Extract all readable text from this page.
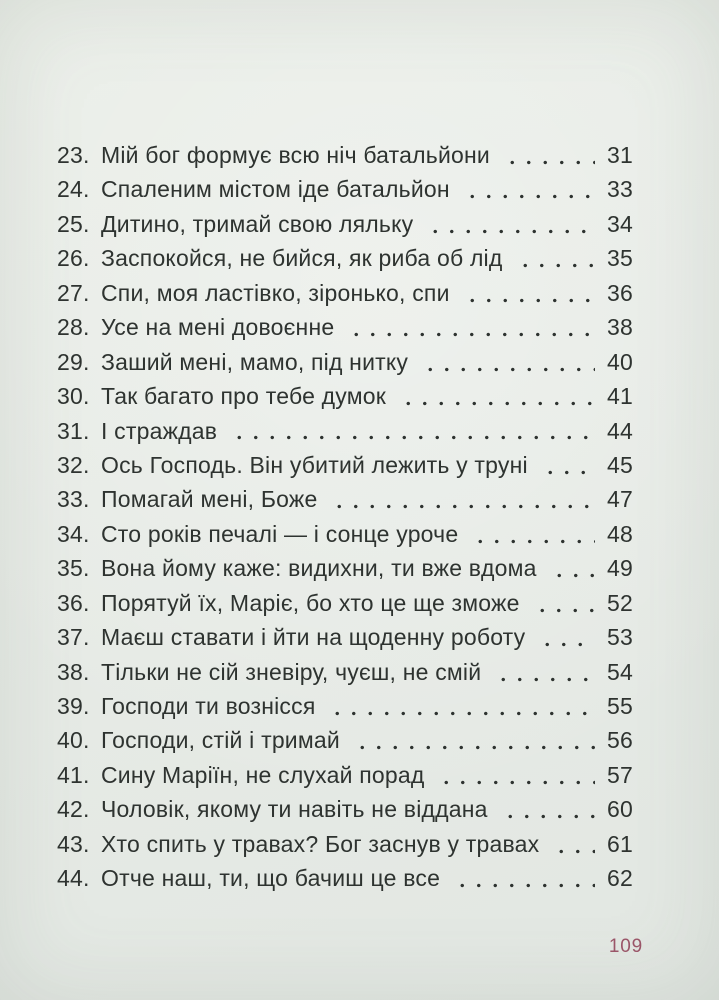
23. Мій бог формує всю ніч батальйони	31
24. Спаленим містом іде батальйон	33
25. Дитино, тримай свою ляльку	34
26. Заспокойся, не бийся, як риба об лід	35
27. Спи, моя ластівко, зіронько, спи	36
28. Усе на мені довоєнне	38
29. Заший мені, мамо, під нитку	40
30. Так багато про тебе думок	41
31. І страждав	44
32. Ось Господь. Він убитий лежить у труні	45
33. Помагай мені, Боже	47
34. Сто років печалі — і сонце уроче	48
35. Вона йому каже: видихни, ти вже вдома	49
36. Порятуй їх, Маріє, бо хто це ще зможе	52
37. Маєш ставати і йти на щоденну роботу	53
38. Тільки не сій зневіру, чуєш, не смій	54
39. Господи ти вознісся	55
40. Господи, стій і тримай	56
41. Сину Маріїн, не слухай порад	57
42. Чоловік, якому ти навіть не віддана	60
43. Хто спить у травах? Бог заснув у травах	61
44. Отче наш, ти, що бачиш це все	62
109
